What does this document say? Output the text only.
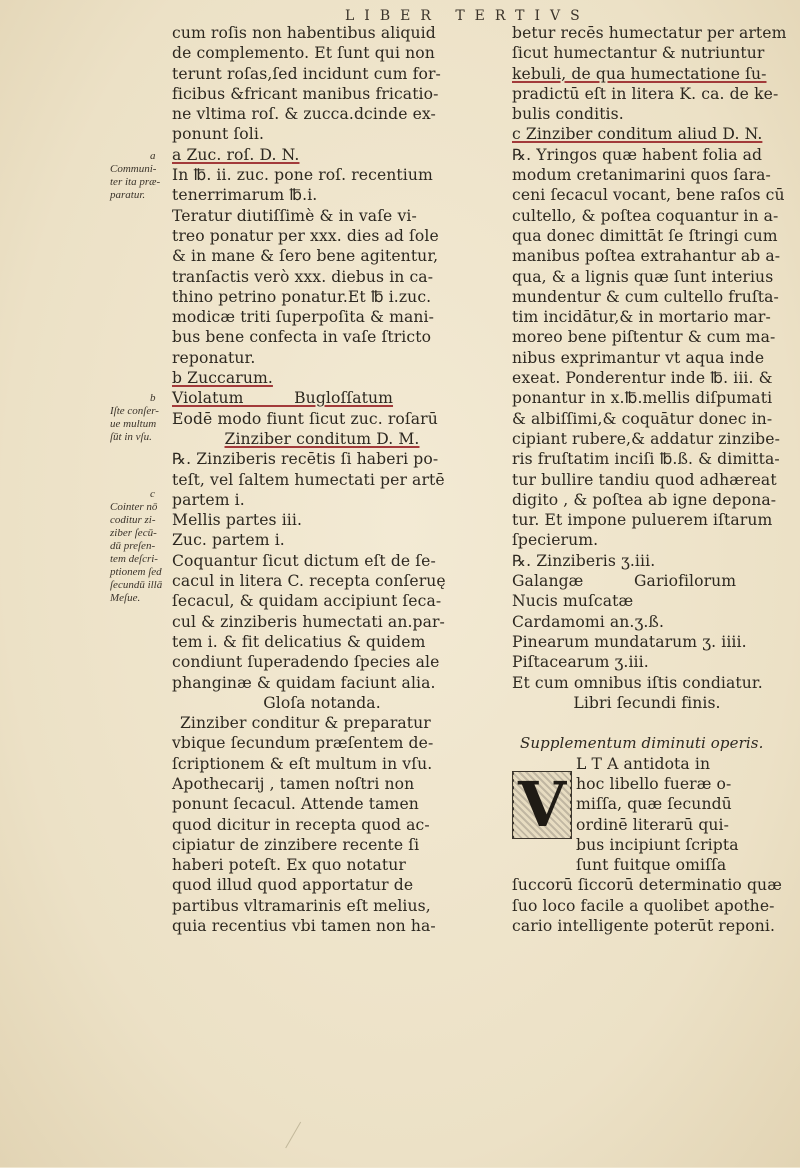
LIBER TERTIVS
cum roſis non habentibus aliquid
de complemento. Et ſunt qui non
terunt roſas,ſed incidunt cum for-
ficibus &fricant manibus fricatio-
ne vltima roſ. & zucca.dcinde ex-
ponunt ſoli.
a Zuc. roſ. D. N.
In ℔. ii. zuc. pone roſ. recentium
tenerrimarum ℔.i.
Teratur diutiſſimè & in vaſe vi-
treo ponatur per xxx. dies ad ſole
& in mane & ſero bene agitentur,
tranſactis verò xxx. diebus in ca-
thino petrino ponatur.Et ℔ i.zuc.
modicæ triti ſuperpoſita & mani-
bus bene confecta in vaſe ſtricto
reponatur.
b Zuccarum.
Violatum          Bugloſſatum
Eodē modo fiunt ſicut zuc. roſarū
Zinziber conditum D. M.
℞. Zinziberis recētis ſi haberi po-
teſt, vel ſaltem humectati per artē
partem i.
Mellis partes iii.
Zuc. partem i.
Coquantur ſicut dictum eſt de ſe-
cacul in litera C. recepta conſeruę
ſecacul, & quidam accipiunt ſeca-
cul & zinziberis humectati an.par-
tem i. & fit delicatius & quidem
condiunt ſuperadendo ſpecies ale
phanginæ & quidam faciunt alia.
Gloſa notanda.
Zinziber conditur & preparatur
vbique ſecundum præſentem de-
ſcriptionem & eſt multum in vſu.
Apothecarij , tamen noſtri non
ponunt ſecacul. Attende tamen
quod dicitur in recepta quod ac-
cipiatur de zinzibere recente ſi
haberi poteſt. Ex quo notatur
quod illud quod apportatur de
partibus vltramarinis eſt melius,
quia recentius vbi tamen non ha-
betur recēs humectatur per artem
ſicut humectantur & nutriuntur
kebuli, de qua humectatione ſu-
pradictū eſt in litera K. ca. de ke-
bulis conditis.
c Zinziber conditum aliud D. N.
℞. Yringos quæ habent folia ad
modum cretanimarini quos ſara-
ceni ſecacul vocant, bene raſos cū
cultello, & poſtea coquantur in a-
qua donec dimittāt ſe ſtringi cum
manibus poſtea extrahantur ab a-
qua, & a lignis quæ ſunt interius
mundentur & cum cultello fruſta-
tim incidātur,& in mortario mar-
moreo bene piſtentur & cum ma-
nibus exprimantur vt aqua inde
exeat. Ponderentur inde ℔. iii. &
ponantur in x.℔.mellis diſpumati
& albiſſimi,& coquātur donec in-
cipiant rubere,& addatur zinzibe-
ris fruſtatim inciſi ℔.ß. & dimitta-
tur bullire tandiu quod adhæreat
digito , & poſtea ab igne depona-
tur. Et impone puluerem iſtarum
ſpecierum.
℞. Zinziberis ʒ.iii.
Galangæ          Gariofilorum
Nucis muſcatæ
Cardamomi an.ʒ.ß.
Pinearum mundatarum ʒ. iiii.
Piſtacearum ʒ.iii.
Et cum omnibus iſtis condiatur.
Libri ſecundi finis.
Supplementum diminuti operis.
L T A antidota in
hoc libello fueræ o-
miſſa, quæ ſecundū
ordinē literarū qui-
bus incipiunt ſcripta
ſunt fuitque omiſſa
ſuccorū ſiccorū determinatio quæ
ſuo loco facile a quolibet apothe-
cario intelligente poterūt reponi.
V
a
Communi-
ter ita præ-
paratur.
b
Iſte conſer-
ue multum
ſūt in vſu.
c
Cointer nō
coditur zi-
ziber ſecū-
dū preſen-
tem deſcri-
ptionem ſed
ſecundū illā
Meſue.
